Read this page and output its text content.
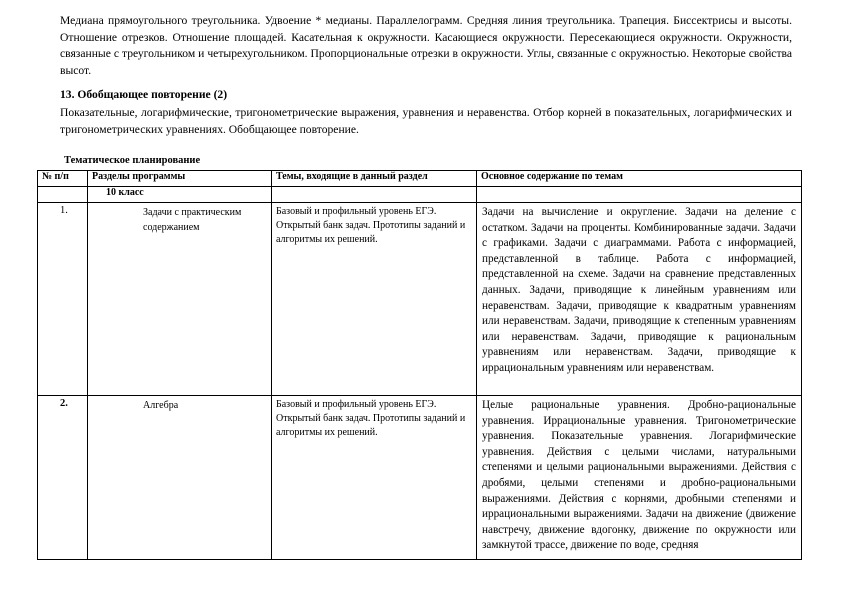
Медиана прямоугольного треугольника. Удвоение * медианы. Параллелограмм. Средняя линия треугольника. Трапеция. Биссектрисы и высоты. Отношение отрезков. Отношение площадей. Касательная к окружности. Касающиеся окружности. Пересекающиеся окружности. Окружности, связанные с треугольником и четырехугольником. Пропорциональные отрезки в окружности. Углы, связанные с окружностью. Некоторые свойства высот.
13. Обобщающее повторение (2)
Показательные, логарифмические, тригонометрические выражения, уравнения и неравенства. Отбор корней в показательных, логарифмических и тригонометрических уравнениях. Обобщающее повторение.
Тематическое планирование
№ п/п	Разделы программы	Темы, входящие в данный раздел	Основное содержание по темам
	10 класс		
1.	Задачи с практическим содержанием	Базовый и профильный уровень ЕГЭ. Открытый банк задач. Прототипы заданий и алгоритмы их решений.	Задачи на вычисление и округление. Задачи на деление с остатком. Задачи на проценты. Комбинированные задачи. Задачи с графиками. Задачи с диаграммами. Работа с информацией, представленной в таблице. Работа с информацией, представленной на схеме. Задачи на сравнение представленных данных. Задачи, приводящие к линейным уравнениям или неравенствам. Задачи, приводящие к квадратным уравнениям или неравенствам. Задачи, приводящие к степенным уравнениям или неравенствам. Задачи, приводящие к рациональным уравнениям или неравенствам. Задачи, приводящие к иррациональным уравнениям или неравенствам.
2.	Алгебра	Базовый и профильный уровень ЕГЭ. Открытый банк задач. Прототипы заданий и алгоритмы их решений.	Целые рациональные уравнения. Дробно-рациональные уравнения. Иррациональные уравнения. Тригонометрические уравнения. Показательные уравнения. Логарифмические уравнения. Действия с целыми числами, натуральными степенями и целыми рациональными выражениями. Действия с дробями, целыми степенями и дробно-рациональными выражениями. Действия с корнями, дробными степенями и иррациональными выражениями. Задачи на движение (движение навстречу, движение вдогонку, движение по окружности или замкнутой трассе, движение по воде, средняя
